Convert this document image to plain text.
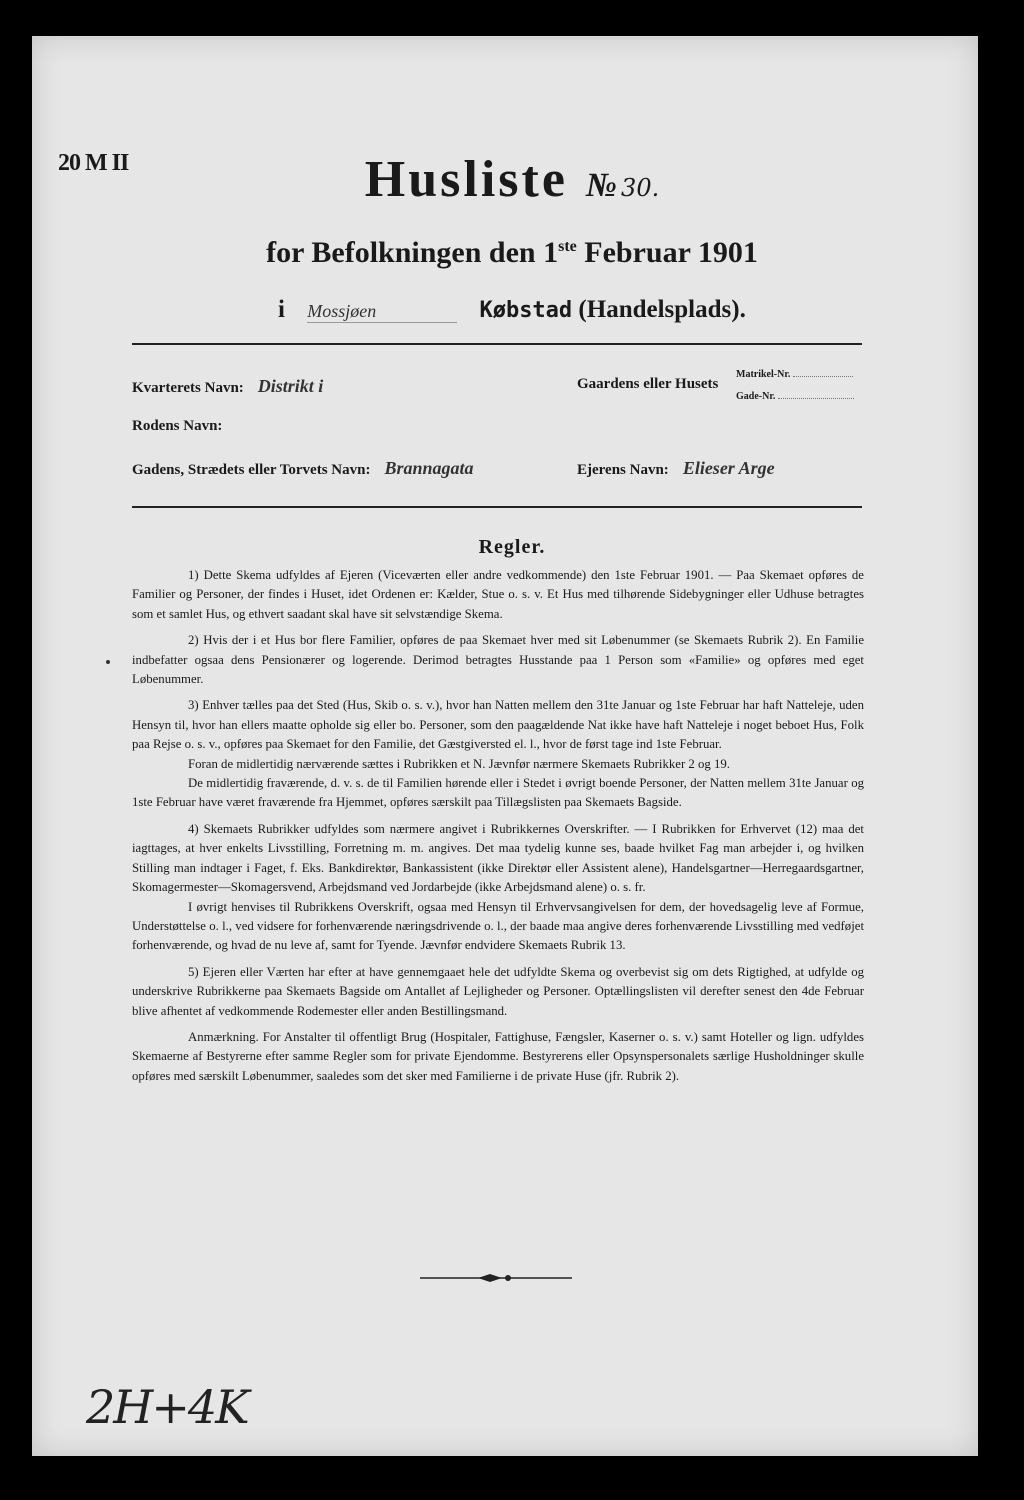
20 M II	Husliste № 30.
for Befolkningen den 1ste Februar 1901
i Mossjøen	Købstad (Handelsplads).
Kvarterets Navn: Distrikt i	Gaardens eller Husets
Matrikel-Nr.
Gade-Nr.
Rodens Navn:
Gadens, Strædets eller Torvets Navn: Brannagata	Ejerens Navn: Elieser Arge
Regler.

1) Dette Skema udfyldes af Ejeren (Viceværten eller andre vedkommende) den 1ste Februar 1901. — Paa Skemaet opføres de Familier og Personer, der findes i Huset, idet Ordenen er: Kælder, Stue o. s. v. Et Hus med tilhørende Sidebygninger eller Udhuse betragtes som et samlet Hus, og ethvert saadant skal have sit selvstændige Skema.

2) Hvis der i et Hus bor flere Familier, opføres de paa Skemaet hver med sit Løbenummer (se Skemaets Rubrik 2). En Familie indbefatter ogsaa dens Pensionærer og logerende. Derimod betragtes Husstande paa 1 Person som «Familie» og opføres med eget Løbenummer.

3) Enhver tælles paa det Sted (Hus, Skib o. s. v.), hvor han Natten mellem den 31te Januar og 1ste Februar har haft Natteleje, uden Hensyn til, hvor han ellers maatte opholde sig eller bo. Personer, som den paagældende Nat ikke have haft Natteleje i noget beboet Hus, Folk paa Rejse o. s. v., opføres paa Skemaet for den Familie, det Gæstgiversted el. l., hvor de først tage ind 1ste Februar.

Foran de midlertidig nærværende sættes i Rubrikken et N. Jævnfør nærmere Skemaets Rubrikker 2 og 19.

De midlertidig fraværende, d. v. s. de til Familien hørende eller i Stedet i øvrigt boende Personer, der Natten mellem 31te Januar og 1ste Februar have været fraværende fra Hjemmet, opføres særskilt paa Tillægslisten paa Skemaets Bagside.

4) Skemaets Rubrikker udfyldes som nærmere angivet i Rubrikkernes Overskrifter. — I Rubrikken for Erhvervet (12) maa det iagttages, at hver enkelts Livsstilling, Forretning m. m. angives. Det maa tydelig kunne ses, baade hvilket Fag man arbejder i, og hvilken Stilling man indtager i Faget, f. Eks. Bankdirektør, Bankassistent (ikke Direktør eller Assistent alene), Handelsgartner—Herregaardsgartner, Skomagermester—Skomagersvend, Arbejdsmand ved Jordarbejde (ikke Arbejdsmand alene) o. s. fr.

I øvrigt henvises til Rubrikkens Overskrift, ogsaa med Hensyn til Erhvervsangivelsen for dem, der hovedsagelig leve af Formue, Understøttelse o. l., ved vidsere for forhenværende næringsdrivende o. l., der baade maa angive deres forhenværende Livsstilling med vedføjet forhenværende, og hvad de nu leve af, samt for Tyende. Jævnfør endvidere Skemaets Rubrik 13.

5) Ejeren eller Værten har efter at have gennemgaaet hele det udfyldte Skema og overbevist sig om dets Rigtighed, at udfylde og underskrive Rubrikkerne paa Skemaets Bagside om Antallet af Lejligheder og Personer. Optællingslisten vil derefter senest den 4de Februar blive afhentet af vedkommende Rodemester eller anden Bestillingsmand.

Anmærkning. For Anstalter til offentligt Brug (Hospitaler, Fattighuse, Fængsler, Kaserner o. s. v.) samt Hoteller og lign. udfyldes Skemaerne af Bestyrerne efter samme Regler som for private Ejendomme. Bestyrerens eller Opsynspersonalets særlige Husholdninger skulle opføres med særskilt Løbenummer, saaledes som det sker med Familierne i de private Huse (jfr. Rubrik 2).

2H+4K
